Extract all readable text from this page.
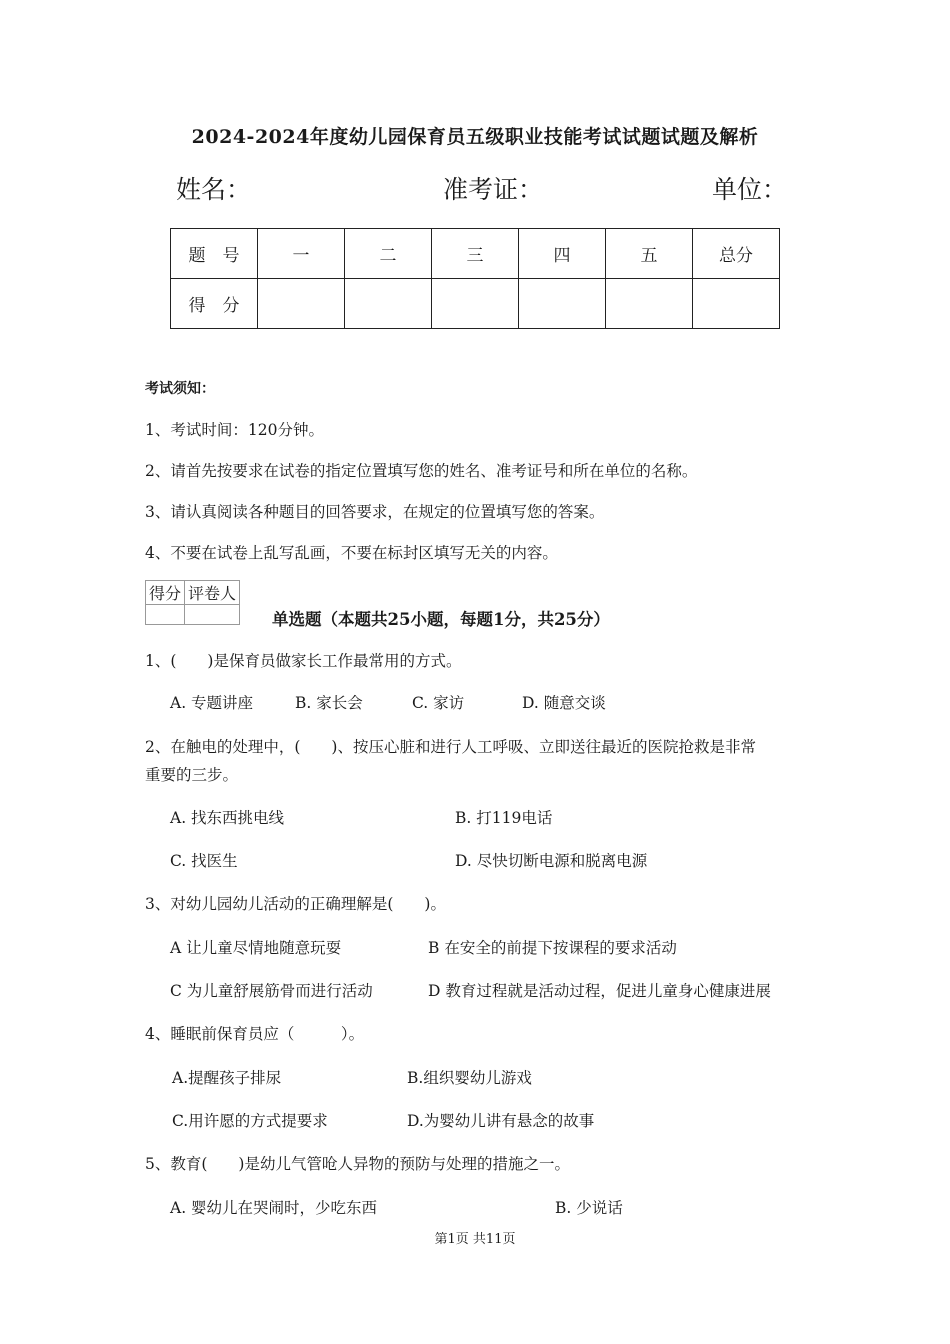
2024-2024年度幼儿园保育员五级职业技能考试试题试题及解析
姓名：	准考证：	单位：
题　号	一	二	三	四	五	总分
得　分						
考试须知：
1、考试时间：120分钟。
2、请首先按要求在试卷的指定位置填写您的姓名、准考证号和所在单位的名称。
3、请认真阅读各种题目的回答要求，在规定的位置填写您的答案。
4、不要在试卷上乱写乱画，不要在标封区填写无关的内容。
得分	评卷人

单选题（本题共25小题，每题1分，共25分）
1、(　　)是保育员做家长工作最常用的方式。
A. 专题讲座	B. 家长会	C. 家访	D. 随意交谈
2、在触电的处理中，(　　)、按压心脏和进行人工呼吸、立即送往最近的医院抢救是非常
重要的三步。
A. 找东西挑电线	B. 打119电话
C. 找医生	D. 尽快切断电源和脱离电源
3、对幼儿园幼儿活动的正确理解是(　　)。
A 让儿童尽情地随意玩耍	B 在安全的前提下按课程的要求活动
C 为儿童舒展筋骨而进行活动	D 教育过程就是活动过程，促进儿童身心健康进展
4、睡眠前保育员应（　　　）。
A.提醒孩子排尿	B.组织婴幼儿游戏
C.用许愿的方式提要求	D.为婴幼儿讲有悬念的故事
5、教育(　　)是幼儿气管呛人异物的预防与处理的措施之一。
A. 婴幼儿在哭闹时，少吃东西	B. 少说话
第1页 共11页
